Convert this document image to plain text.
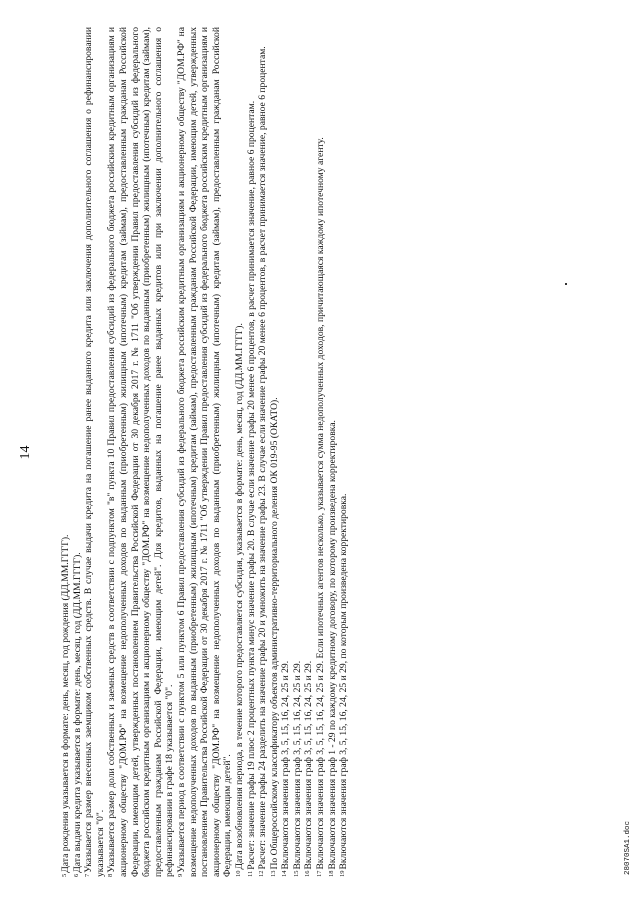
14

$^5$Дата рождения указывается в формате: день, месяц, год рождения (ДД.ММ.ГГГГ).

$^6$Дата выдачи кредита указывается в формате: день, месяц, год (ДД.ММ.ГГГГ).

$^7$Указывается размер внесенных заемщиком собственных средств. В случае выдачи кредита на погашение ранее выданного кредита или заключения дополнительного соглашения о рефинансировании указывается "0". $^8$Указывается размер доли собственных и заемных средств в соответствии с подпунктом "в" пункта 10 Правил предоставления субсидий из федерального бюджета российским кредитным организациям и акционерному обществу "ДОМ.РФ" на возмещение недополученных доходов по выданным (приобретенным) жилищным (ипотечным) кредитам (займам), предоставленным гражданам Российской Федерации, имеющим детей, утвержденных постановлением Правительства Российской Федерации от 30 декабря 2017 г. № 1711 "Об утверждении Правил предоставления субсидий из федерального бюджета российским кредитным организациям и акционерному обществу "ДОМ.РФ" на возмещение недополученных доходов по выданным (приобретенным) жилищным (ипотечным) кредитам (займам), предоставленным гражданам Российской Федерации, имеющим детей". Для кредитов, выданных на погашение ранее выданных кредитов или при заключении дополнительного соглашения о рефинансировании в графе 18 указывается "0". $^9$Указывается период в соответствии с пунктом 5 или пунктом 6 Правил предоставления субсидий из федерального бюджета российским кредитным организациям и акционерному обществу "ДОМ.РФ" на возмещение недополученных доходов по выданным (приобретенным) жилищным (ипотечным) кредитам (займам), предоставленным гражданам Российской Федерации, имеющим детей, утвержденных постановлением Правительства Российской Федерации от 30 декабря 2017 г. № 1711 "Об утверждении Правил предоставления субсидий из федерального бюджета российским кредитным организациям и акционерному обществу "ДОМ.РФ" на возмещение недополученных доходов по выданным (приобретенным) жилищным (ипотечным) кредитам (займам), предоставленным гражданам Российской Федерации, имеющим детей". $^{10}$Дата возобновления периода, в течение которого предоставляется субсидия, указывается в формате: день, месяц, год (ДД.ММ.ГГГГ).

$^{11}$Расчет: значение графы 19 плюс 2 процентных пункта минус значение графы 20. В случае если значение графы 20 менее 6 процентов, в расчет принимается значение, равное 6 процентам.

$^{12}$Расчет: значение графы 24 разделить на значение графы 20 и умножить на значение графы 23. В случае если значение графы 20 менее 6 процентов, в расчет принимается значение, равное 6 процентам.

$^{13}$По Общероссийскому классификатору объектов административно-территориального деления ОК 019-95 (ОКАТО).

$^{14}$Включаются значения граф 3, 5, 15, 16, 24, 25 и 29.

$^{15}$Включаются значения граф 3, 5, 15, 16, 24, 25 и 29.

$^{16}$Включаются значения граф 3, 5, 15, 16, 24, 25 и 29.

$^{17}$Включаются значения граф 3, 5, 15, 16, 24, 25 и 29. Если ипотечных агентов несколько, указывается сумма недополученных доходов, причитающаяся каждому ипотечному агенту.

$^{18}$Включаются значения граф 1 - 29 по каждому кредитному договору, по которому произведена корректировка.

$^{19}$Включаются значения граф 3, 5, 15, 16, 24, 25 и 29, по которым произведена корректировка.	28070SA1.doc
